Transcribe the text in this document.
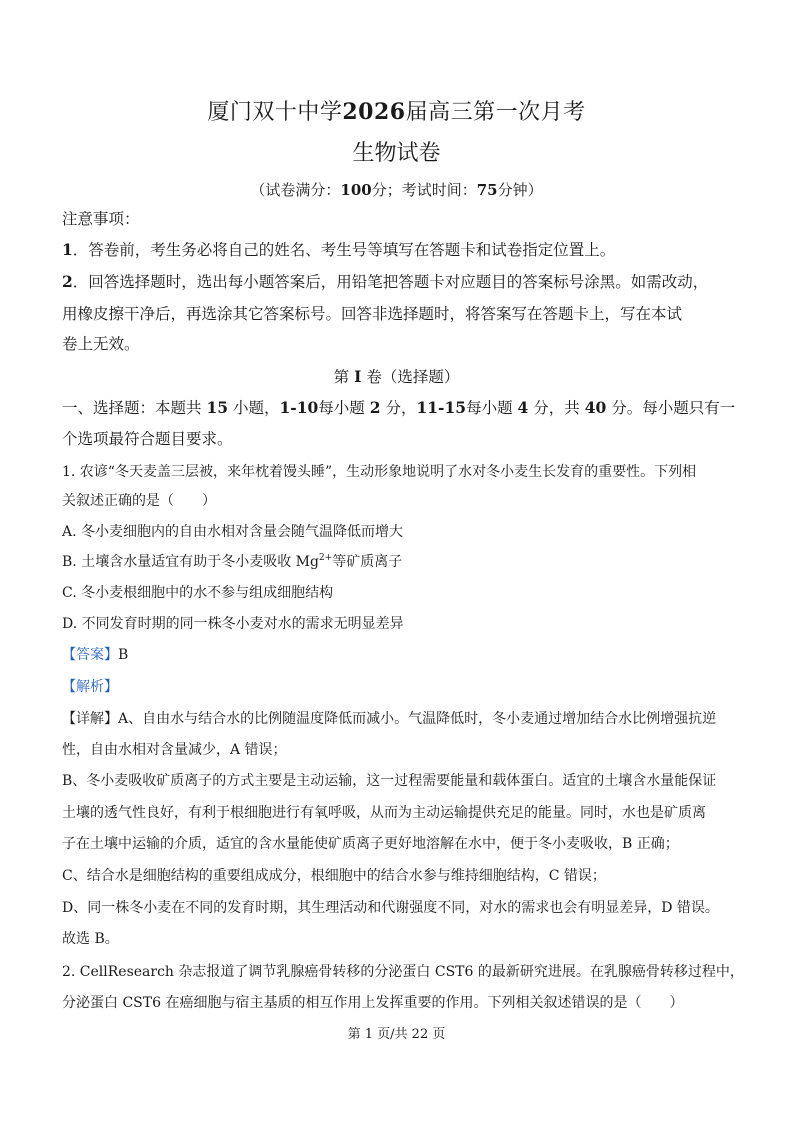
厦门双十中学2026届高三第一次月考
生物试卷
（试卷满分：100分；考试时间：75分钟）
注意事项：
1．答卷前，考生务必将自己的姓名、考生号等填写在答题卡和试卷指定位置上。
2．回答选择题时，选出每小题答案后，用铅笔把答题卡对应题目的答案标号涂黑。如需改动，
用橡皮擦干净后，再选涂其它答案标号。回答非选择题时，将答案写在答题卡上，写在本试
卷上无效。
第 I 卷（选择题）
一、选择题：本题共 15 小题，1-10每小题 2 分，11-15每小题 4 分，共 40 分。每小题只有一
个选项最符合题目要求。
1. 农谚“冬天麦盖三层被，来年枕着馒头睡”，生动形象地说明了水对冬小麦生长发育的重要性。下列相
关叙述正确的是（　　）
A. 冬小麦细胞内的自由水相对含量会随气温降低而增大
B. 土壤含水量适宜有助于冬小麦吸收 $Mg^{2+}$等矿质离子
C. 冬小麦根细胞中的水不参与组成细胞结构
D. 不同发育时期的同一株冬小麦对水的需求无明显差异
【答案】B
【解析】
【详解】A、自由水与结合水的比例随温度降低而减小。气温降低时，冬小麦通过增加结合水比例增强抗逆
性，自由水相对含量减少，A 错误；
B、冬小麦吸收矿质离子的方式主要是主动运输，这一过程需要能量和载体蛋白。适宜的土壤含水量能保证
土壤的透气性良好，有利于根细胞进行有氧呼吸，从而为主动运输提供充足的能量。同时，水也是矿质离
子在土壤中运输的介质，适宜的含水量能使矿质离子更好地溶解在水中，便于冬小麦吸收，B 正确；
C、结合水是细胞结构的重要组成成分，根细胞中的结合水参与维持细胞结构，C 错误；
D、同一株冬小麦在不同的发育时期，其生理活动和代谢强度不同，对水的需求也会有明显差异，D 错误。
故选 B。
2. CellResearch 杂志报道了调节乳腺癌骨转移的分泌蛋白 CST6 的最新研究进展。在乳腺癌骨转移过程中，
分泌蛋白 CST6 在癌细胞与宿主基质的相互作用上发挥重要的作用。下列相关叙述错误的是（　　）
第 1 页/共 22 页
